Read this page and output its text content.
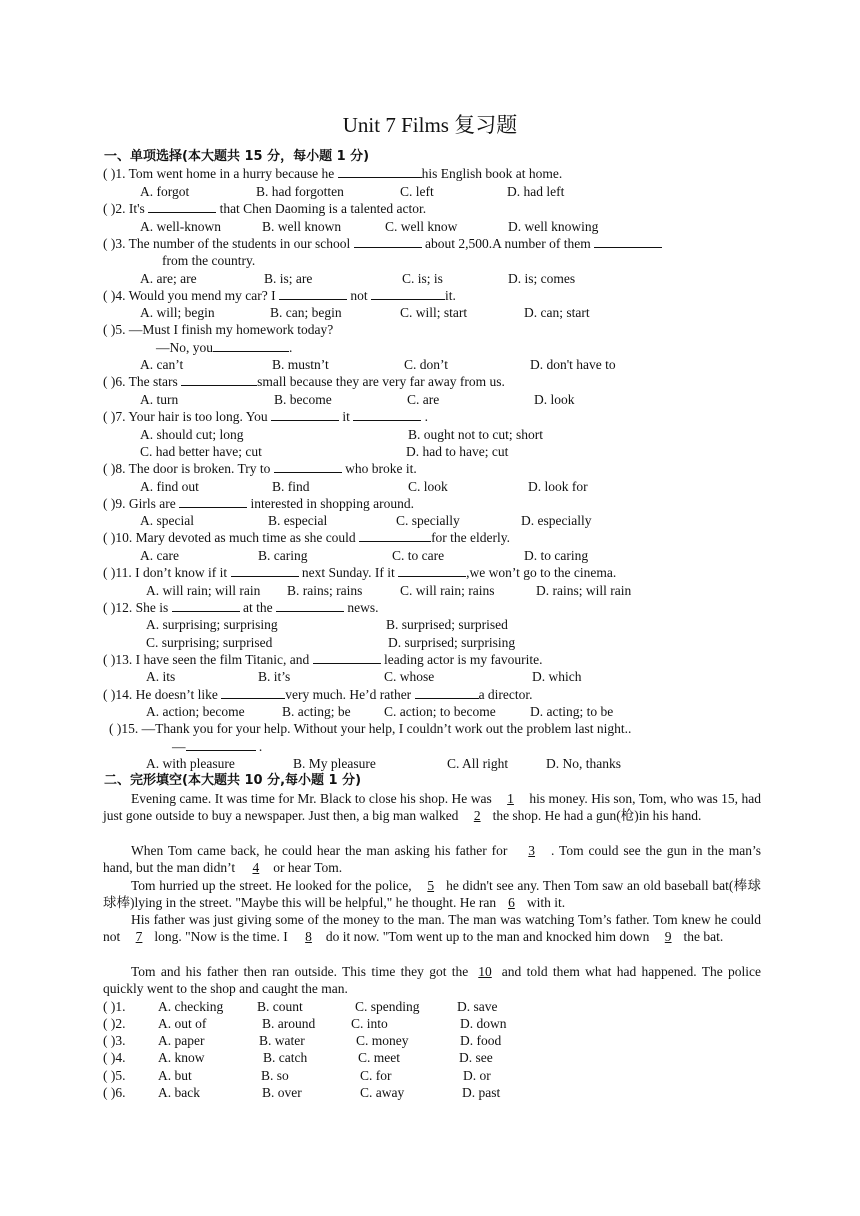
Unit 7 Films 复习题
一、单项选择(本大题共 15 分，每小题 1 分)
( )1. Tom went home in a hurry because he	his English book at home.
A. forgot	B. had forgotten	C. left	D. had left
( )2. It's	that Chen Daoming is a talented actor.
A. well-known	B. well known	C. well know	D. well knowing
( )3. The number of the students in our school	about 2,500.A number of them
from the country.
A. are; are	B. is; are	C. is; is	D. is; comes
( )4. Would you mend my car? I	not	it.
A. will; begin	B. can; begin	C. will; start	D. can; start
( )5. —Must I finish my homework today?
—No, you	.
A. can’t	B. mustn’t	C. don’t	D. don't have to
( )6. The stars	small because they are very far away from us.
A. turn	B. become	C. are	D. look
( )7. Your hair is too long. You	it	.
A. should cut; long	B. ought not to cut; short
C. had better have; cut	D. had to have; cut
( )8. The door is broken. Try to	who broke it.
A. find out	B. find	C. look	D. look for
( )9. Girls are	interested in shopping around.
A. special	B. especial	C. specially	D. especially
( )10. Mary devoted as much time as she could	for the elderly.
A. care	B. caring	C. to care	D. to caring
( )11. I don’t know if it	next Sunday. If it	,we won’t go to the cinema.
A. will rain; will rain B. rains; rains	C. will rain; rains	D. rains; will rain
( )12. She is	at the	news.
A. surprising; surprising	B. surprised; surprised
C. surprising; surprised	D. surprised; surprising
( )13. I have seen the film Titanic, and	leading actor is my favourite.
A. its	B. it’s	C. whose	D. which
( )14. He doesn’t like	very much. He’d rather	a director.
A. action; become	B. acting; be C. action; to become	D. acting; to be
( )15. —Thank you for your help. Without your help, I couldn’t work out the problem last night..
—	.
A. with pleasure	B. My pleasure	C. All right	D. No, thanks
二、完形填空(本大题共 10 分,每小题 1 分)
Evening came. It was time for Mr. Black to close his shop. He was 1 his money. His son, Tom, who was 15, had just gone outside to buy a newspaper. Just then, a big man walked 2 the shop. He had a gun(枪)in his hand.
When Tom came back, he could hear the man asking his father for 3 . Tom could see the gun in the man’s hand, but the man didn’t 4 or hear Tom.
Tom hurried up the street. He looked for the police, 5 he didn't see any. Then Tom saw an old baseball bat(棒球球棒)lying in the street. "Maybe this will be helpful," he thought. He ran 6 with it.
His father was just giving some of the money to the man. The man was watching Tom’s father. Tom knew he could not 7 long. "Now is the time. I 8 do it now. "Tom went up to the man and knocked him down 9 the bat.
Tom and his father then ran outside. This time they got the 10 and told them what had happened. The police quickly went to the shop and caught the man.
( )1. A. checking	B. count	C. spending	D. save
( )2. A. out of	B. around	C. into	D. down
( )3. A. paper	B. water	C. money	D. food
( )4. A. know	B. catch	C. meet	D. see
( )5. A. but	B. so	C. for	D. or
( )6. A. back	B. over	C. away	D. past
